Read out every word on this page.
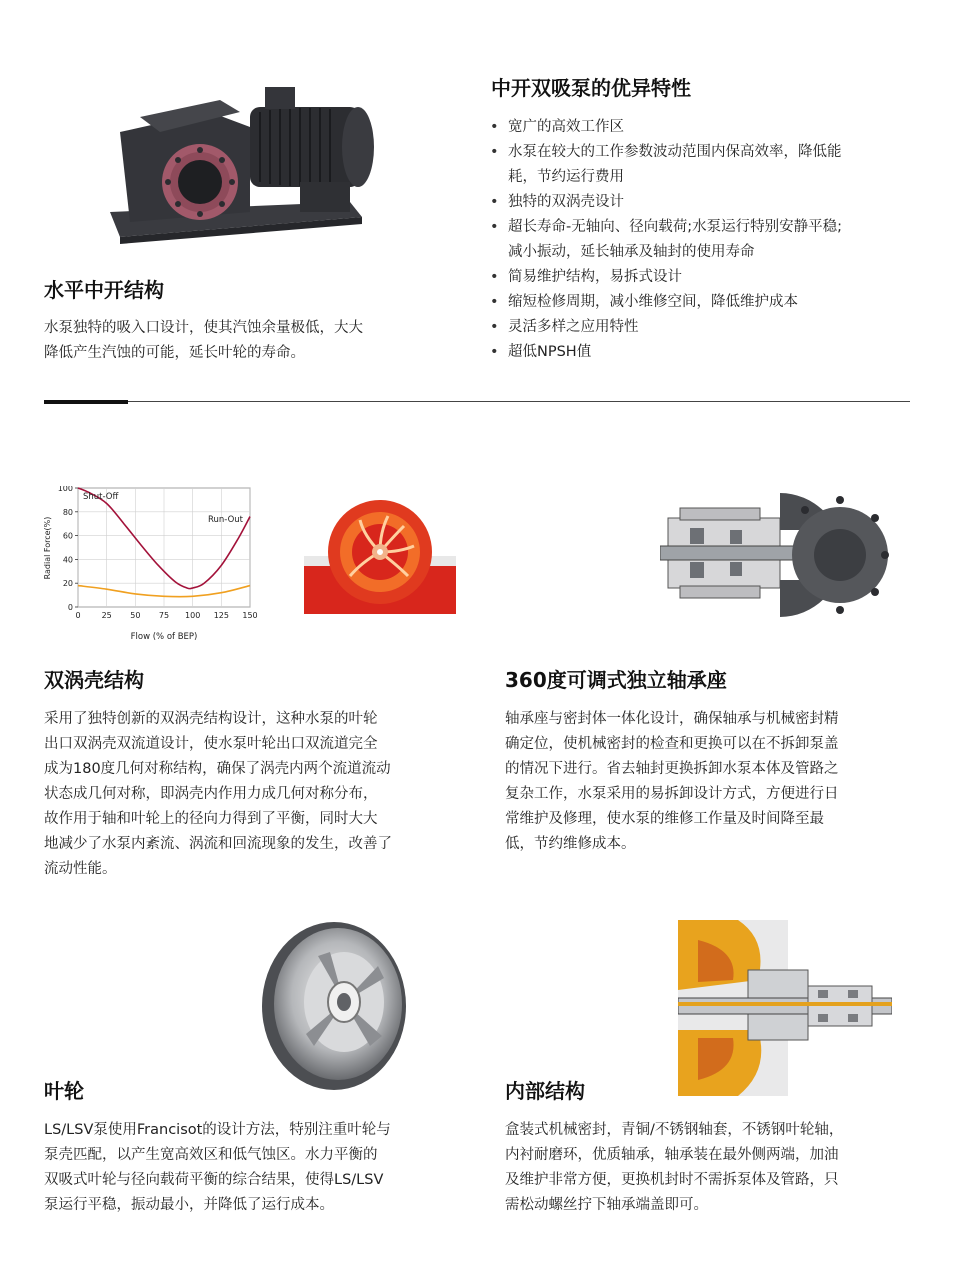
水平中开结构

水泵独特的吸入口设计，使其汽蚀余量极低，大大
降低产生汽蚀的可能，延长叶轮的寿命。

中开双吸泵的优异特性
• 宽广的高效工作区
• 水泵在较大的工作参数波动范围内保高效率，降低能
耗，节约运行费用
• 独特的双涡壳设计
• 超长寿命-无轴向、径向载荷;水泵运行特别安静平稳;
减小振动，延长轴承及轴封的使用寿命
• 简易维护结构，易拆式设计
• 缩短检修周期，减小维修空间，降低维护成本
• 灵活多样之应用特性
• 超低NPSH值
0	25 50 75 100 125 150
0
20
40
60
80
100
Shut-Off
Run-Out
Flow (% of BEP)
Radial Force(%)
双涡壳结构

采用了独特创新的双涡壳结构设计，这种水泵的叶轮
出口双涡壳双流道设计，使水泵叶轮出口双流道完全
成为180度几何对称结构，确保了涡壳内两个流道流动
状态成几何对称，即涡壳内作用力成几何对称分布，
故作用于轴和叶轮上的径向力得到了平衡，同时大大
地减少了水泵内紊流、涡流和回流现象的发生，改善了
流动性能。

360度可调式独立轴承座

轴承座与密封体一体化设计，确保轴承与机械密封精
确定位，使机械密封的检查和更换可以在不拆卸泵盖
的情况下进行。省去轴封更换拆卸水泵本体及管路之
复杂工作，水泵采用的易拆卸设计方式，方便进行日
常维护及修理，使水泵的维修工作量及时间降至最
低，节约维修成本。

叶轮

LS/LSV泵使用Francisot的设计方法，特别注重叶轮与
泵壳匹配，以产生宽高效区和低气蚀区。水力平衡的
双吸式叶轮与径向载荷平衡的综合结果，使得LS/LSV
泵运行平稳，振动最小，并降低了运行成本。

内部结构

盒装式机械密封，青铜/不锈钢轴套，不锈钢叶轮轴，
内衬耐磨环，优质轴承，轴承装在最外侧两端，加油
及维护非常方便，更换机封时不需拆泵体及管路，只
需松动螺丝拧下轴承端盖即可。
